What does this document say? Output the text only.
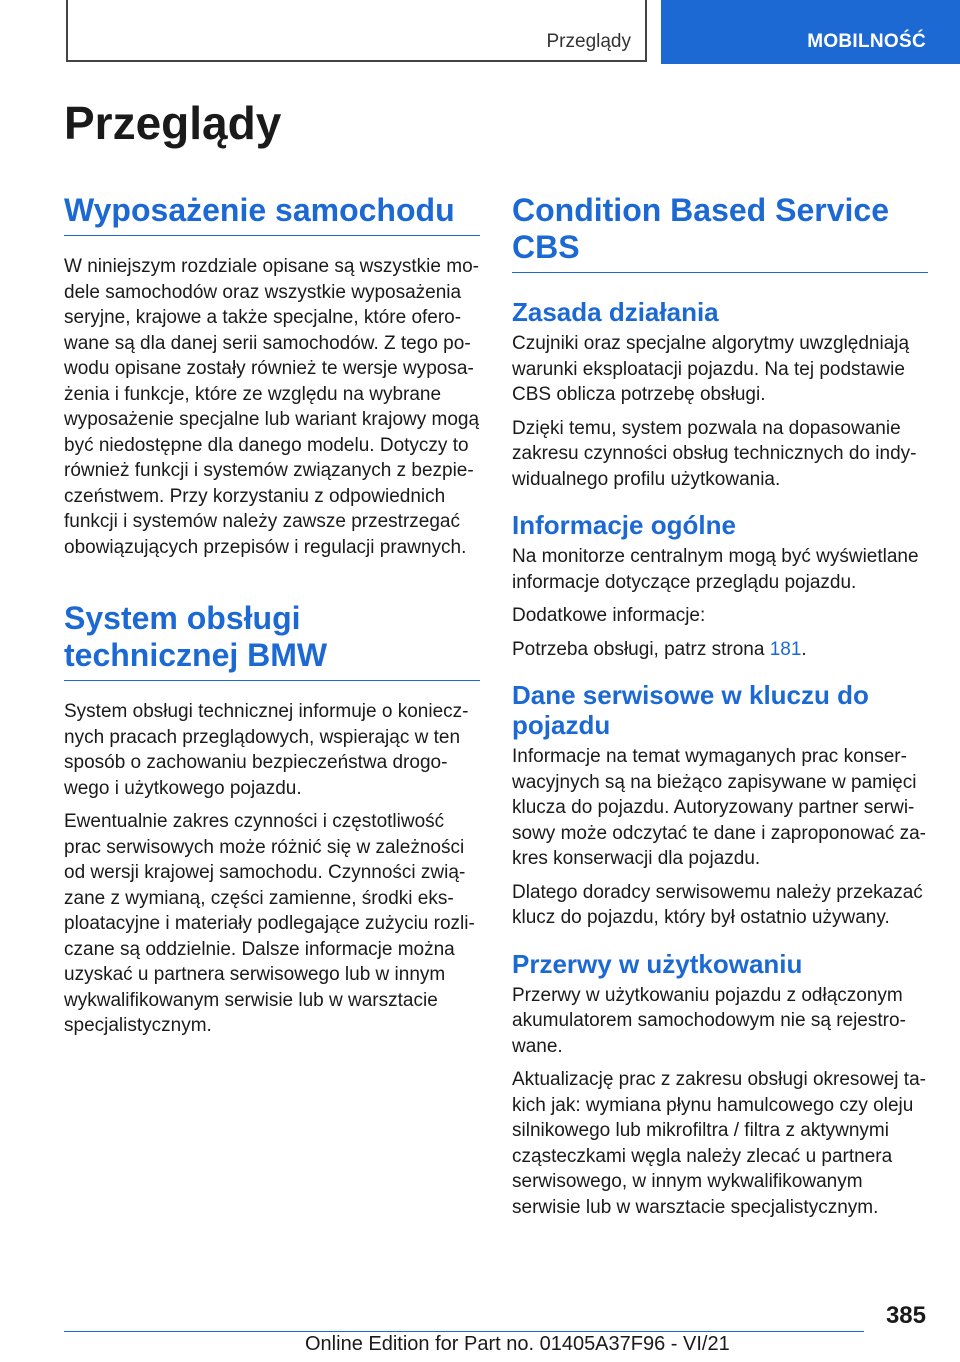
Przeglądy	MOBILNOŚĆ
Przeglądy
Wyposażenie samochodu

W niniejszym rozdziale opisane są wszystkie modele samochodów oraz wszystkie wyposażenia seryjne, krajowe a także specjalne, które oferowane są dla danej serii samochodów. Z tego powodu opisane zostały również te wersje wyposażenia i funkcje, które ze względu na wybrane wyposażenie specjalne lub wariant krajowy mogą być niedostępne dla danego modelu. Dotyczy to również funkcji i systemów związanych z bezpieczeństwem. Przy korzystaniu z odpowiednich funkcji i systemów należy zawsze przestrzegać obowiązujących przepisów i regulacji prawnych.

System obsługi technicznej BMW

System obsługi technicznej informuje o koniecznych pracach przeglądowych, wspierając w ten sposób o zachowaniu bezpieczeństwa drogowego i użytkowego pojazdu.

Ewentualnie zakres czynności i częstotliwość prac serwisowych może różnić się w zależności od wersji krajowej samochodu. Czynności związane z wymianą, części zamienne, środki eksploatacyjne i materiały podlegające zużyciu rozliczane są oddzielnie. Dalsze informacje można uzyskać u partnera serwisowego lub w innym wykwalifikowanym serwisie lub w warsztacie specjalistycznym.

Condition Based Service CBS
Zasada działania

Czujniki oraz specjalne algorytmy uwzględniają warunki eksploatacji pojazdu. Na tej podstawie CBS oblicza potrzebę obsługi.

Dzięki temu, system pozwala na dopasowanie zakresu czynności obsług technicznych do indywidualnego profilu użytkowania.

Informacje ogólne

Na monitorze centralnym mogą być wyświetlane informacje dotyczące przeglądu pojazdu.

Dodatkowe informacje:

Potrzeba obsługi, patrz strona 181.

Dane serwisowe w kluczu do pojazdu

Informacje na temat wymaganych prac konserwacyjnych są na bieżąco zapisywane w pamięci klucza do pojazdu. Autoryzowany partner serwisowy może odczytać te dane i zaproponować zakres konserwacji dla pojazdu.

Dlatego doradcy serwisowemu należy przekazać klucz do pojazdu, który był ostatnio używany.

Przerwy w użytkowaniu

Przerwy w użytkowaniu pojazdu z odłączonym akumulatorem samochodowym nie są rejestrowane.

Aktualizację prac z zakresu obsługi okresowej takich jak: wymiana płynu hamulcowego czy oleju silnikowego lub mikrofiltra / filtra z aktywnymi cząsteczkami węgla należy zlecać u partnera serwisowego, w innym wykwalifikowanym serwisie lub w warsztacie specjalistycznym.

385
Online Edition for Part no. 01405A37F96 - VI/21
